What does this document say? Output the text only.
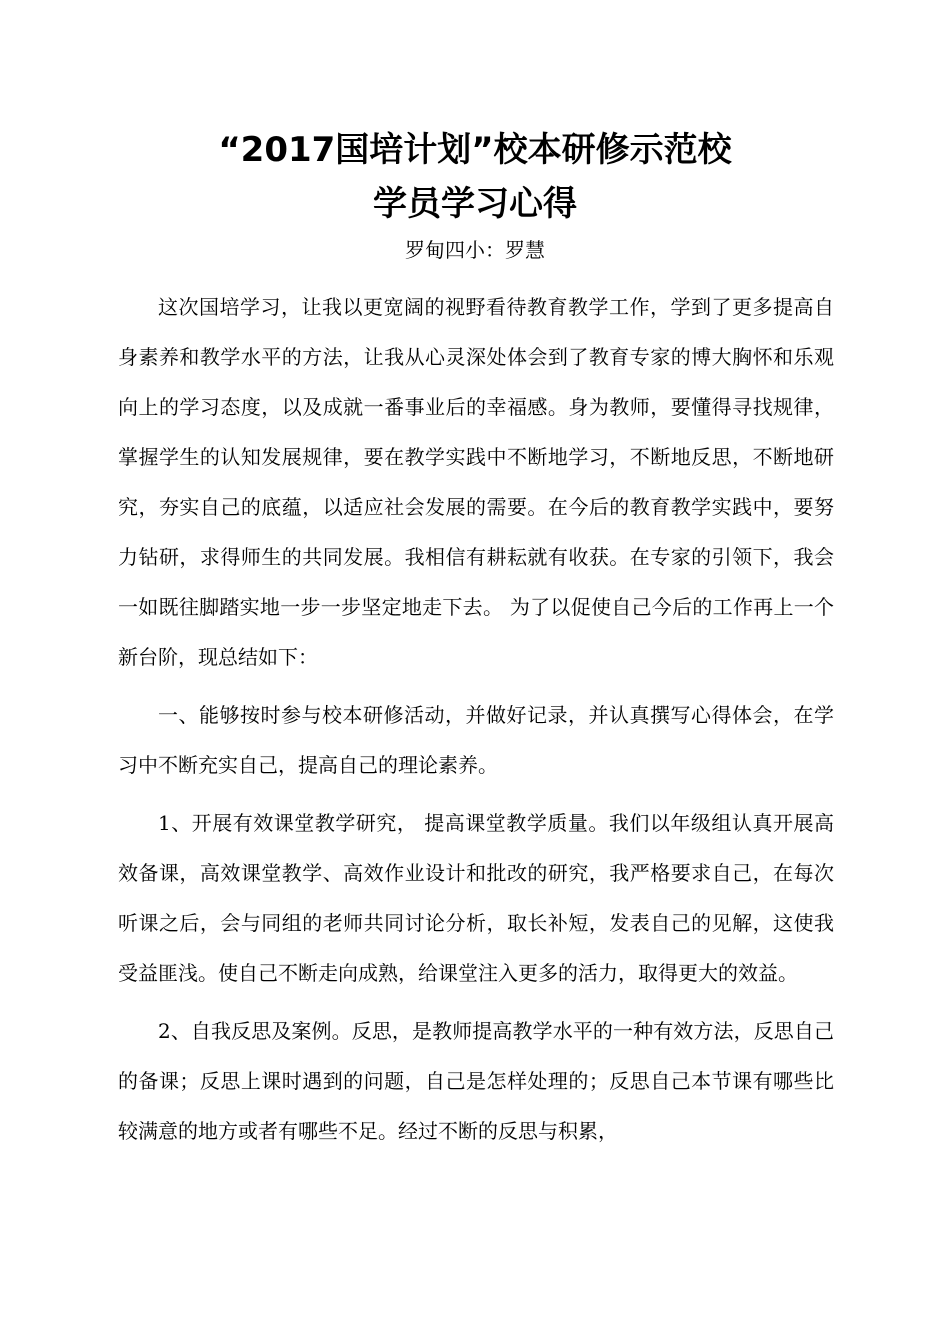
“2017国培计划”校本研修示范校
学员学习心得
罗甸四小：罗慧

这次国培学习，让我以更宽阔的视野看待教育教学工作，学到了更多提高自身素养和教学水平的方法，让我从心灵深处体会到了教育专家的博大胸怀和乐观向上的学习态度，以及成就一番事业后的幸福感。身为教师，要懂得寻找规律，掌握学生的认知发展规律，要在教学实践中不断地学习，不断地反思，不断地研究，夯实自己的底蕴，以适应社会发展的需要。在今后的教育教学实践中，要努力钻研，求得师生的共同发展。我相信有耕耘就有收获。在专家的引领下，我会一如既往脚踏实地一步一步坚定地走下去。 为了以促使自己今后的工作再上一个新台阶，现总结如下：

一、能够按时参与校本研修活动，并做好记录，并认真撰写心得体会，在学习中不断充实自己，提高自己的理论素养。

1、开展有效课堂教学研究， 提高课堂教学质量。我们以年级组认真开展高效备课，高效课堂教学、高效作业设计和批改的研究，我严格要求自己，在每次听课之后，会与同组的老师共同讨论分析，取长补短，发表自己的见解，这使我受益匪浅。使自己不断走向成熟，给课堂注入更多的活力，取得更大的效益。

2、自我反思及案例。反思，是教师提高教学水平的一种有效方法，反思自己的备课；反思上课时遇到的问题，自己是怎样处理的；反思自己本节课有哪些比较满意的地方或者有哪些不足。经过不断的反思与积累，
